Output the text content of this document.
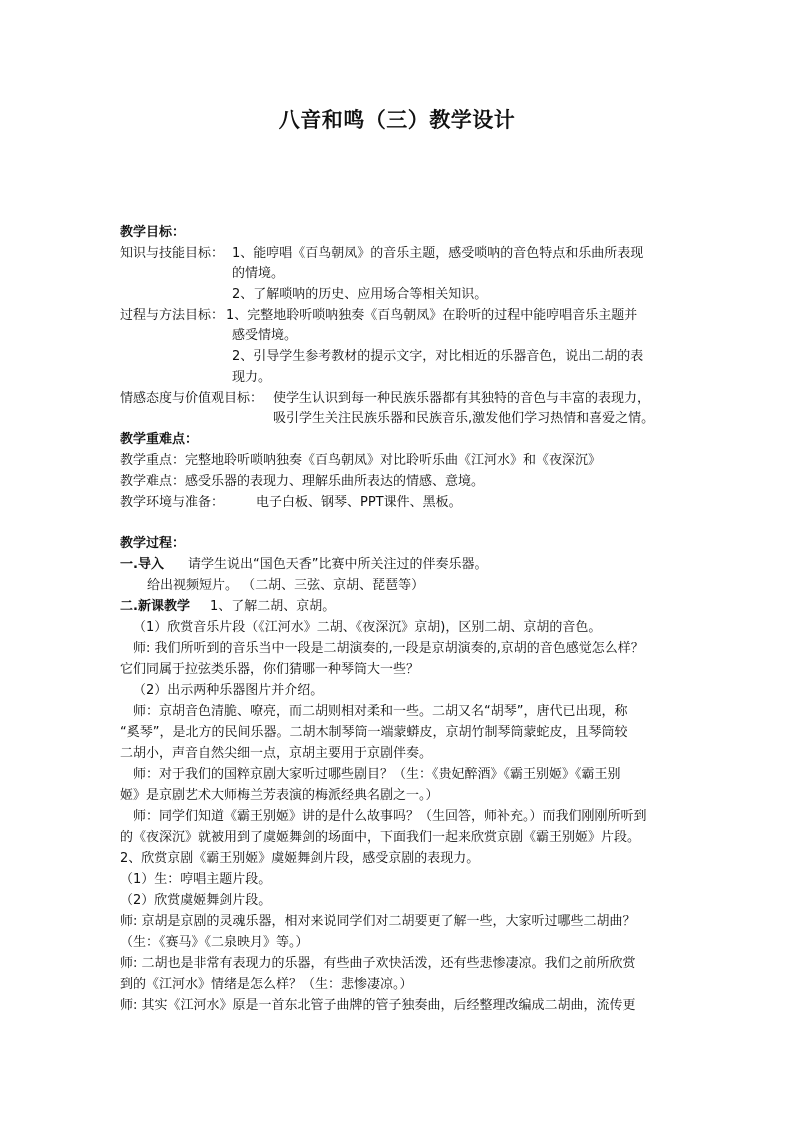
八音和鸣（三）教学设计
教学目标：
知识与技能目标： 1、能哼唱《百鸟朝凤》的音乐主题，感受唢呐的音色特点和乐曲所表现
的情境。
2、了解唢呐的历史、应用场合等相关知识。
过程与方法目标： 1、完整地聆听唢呐独奏《百鸟朝凤》在聆听的过程中能哼唱音乐主题并
感受情境。
2、引导学生参考教材的提示文字，对比相近的乐器音色，说出二胡的表
现力。
情感态度与价值观目标： 使学生认识到每一种民族乐器都有其独特的音色与丰富的表现力，
吸引学生关注民族乐器和民族音乐,激发他们学习热情和喜爱之情。
教学重难点：
教学重点：完整地聆听唢呐独奏《百鸟朝凤》对比聆听乐曲《江河水》和《夜深沉》
教学难点：感受乐器的表现力、理解乐曲所表达的情感、意境。
教学环境与准备： 电子白板、钢琴、PPT课件、黑板。
教学过程：
一.导入 请学生说出“国色天香”比赛中所关注过的伴奏乐器。
给出视频短片。 （二胡、三弦、京胡、琵琶等）
二.新课教学 1、了解二胡、京胡。
（1）欣赏音乐片段（《江河水》二胡、《夜深沉》京胡)，区别二胡、京胡的音色。
师: 我们所听到的音乐当中一段是二胡演奏的,一段是京胡演奏的,京胡的音色感觉怎么样？
它们同属于拉弦类乐器，你们猜哪一种琴筒大一些？
（2）出示两种乐器图片并介绍。
师：京胡音色清脆、嘹亮，而二胡则相对柔和一些。二胡又名“胡琴”，唐代已出现，称
“奚琴”，是北方的民间乐器。二胡木制琴筒一端蒙蟒皮，京胡竹制琴筒蒙蛇皮，且琴筒较
二胡小，声音自然尖细一点，京胡主要用于京剧伴奏。
师：对于我们的国粹京剧大家听过哪些剧目？（生：《贵妃醉酒》《霸王别姬》《霸王别
姬》是京剧艺术大师梅兰芳表演的梅派经典名剧之一。）
师：同学们知道《霸王别姬》讲的是什么故事吗？（生回答，师补充。）而我们刚刚所听到
的《夜深沉》就被用到了虞姬舞剑的场面中，下面我们一起来欣赏京剧《霸王别姬》片段。
2、欣赏京剧《霸王别姬》虞姬舞剑片段，感受京剧的表现力。
（1）生：哼唱主题片段。
（2）欣赏虞姬舞剑片段。
师: 京胡是京剧的灵魂乐器，相对来说同学们对二胡要更了解一些，大家听过哪些二胡曲？
（生：《赛马》《二泉映月》等。）
师: 二胡也是非常有表现力的乐器，有些曲子欢快活泼，还有些悲惨凄凉。我们之前所欣赏
到的《江河水》情绪是怎么样？（生：悲惨凄凉。）
师: 其实《江河水》原是一首东北管子曲牌的管子独奏曲，后经整理改编成二胡曲，流传更
